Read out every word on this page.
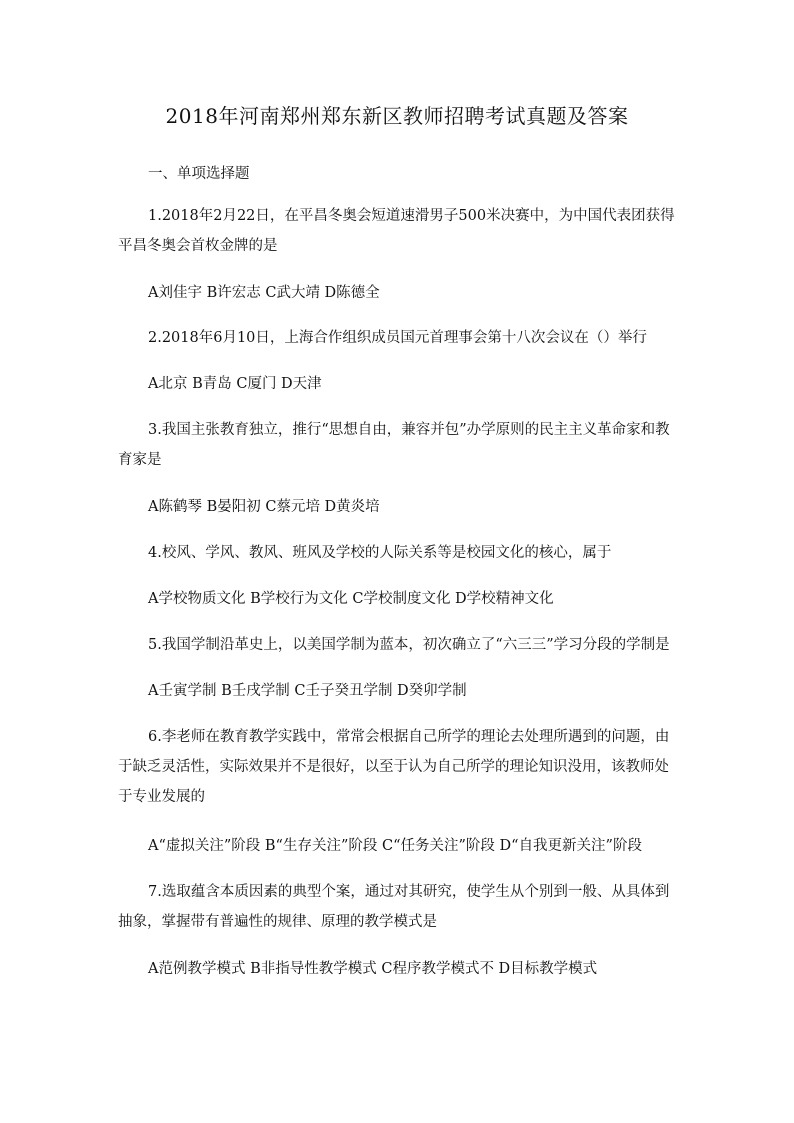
2018年河南郑州郑东新区教师招聘考试真题及答案
一、单项选择题
1.2018年2月22日，在平昌冬奥会短道速滑男子500米决赛中，为中国代表团获得平昌冬奥会首枚金牌的是
A刘佳宇 B许宏志 C武大靖 D陈德全
2.2018年6月10日，上海合作组织成员国元首理事会第十八次会议在（）举行
A北京 B青岛 C厦门 D天津
3.我国主张教育独立，推行“思想自由，兼容并包”办学原则的民主主义革命家和教育家是
A陈鹤琴 B晏阳初 C蔡元培 D黄炎培
4.校风、学风、教风、班风及学校的人际关系等是校园文化的核心，属于
A学校物质文化 B学校行为文化 C学校制度文化 D学校精神文化
5.我国学制沿革史上，以美国学制为蓝本，初次确立了“六三三”学习分段的学制是
A壬寅学制 B壬戌学制 C壬子癸丑学制 D癸卯学制
6.李老师在教育教学实践中，常常会根据自己所学的理论去处理所遇到的问题，由于缺乏灵活性，实际效果并不是很好，以至于认为自己所学的理论知识没用，该教师处于专业发展的
A“虚拟关注”阶段 B“生存关注”阶段 C“任务关注”阶段 D“自我更新关注”阶段
7.选取蕴含本质因素的典型个案，通过对其研究，使学生从个别到一般、从具体到抽象，掌握带有普遍性的规律、原理的教学模式是
A范例教学模式 B非指导性教学模式 C程序教学模式不 D目标教学模式
